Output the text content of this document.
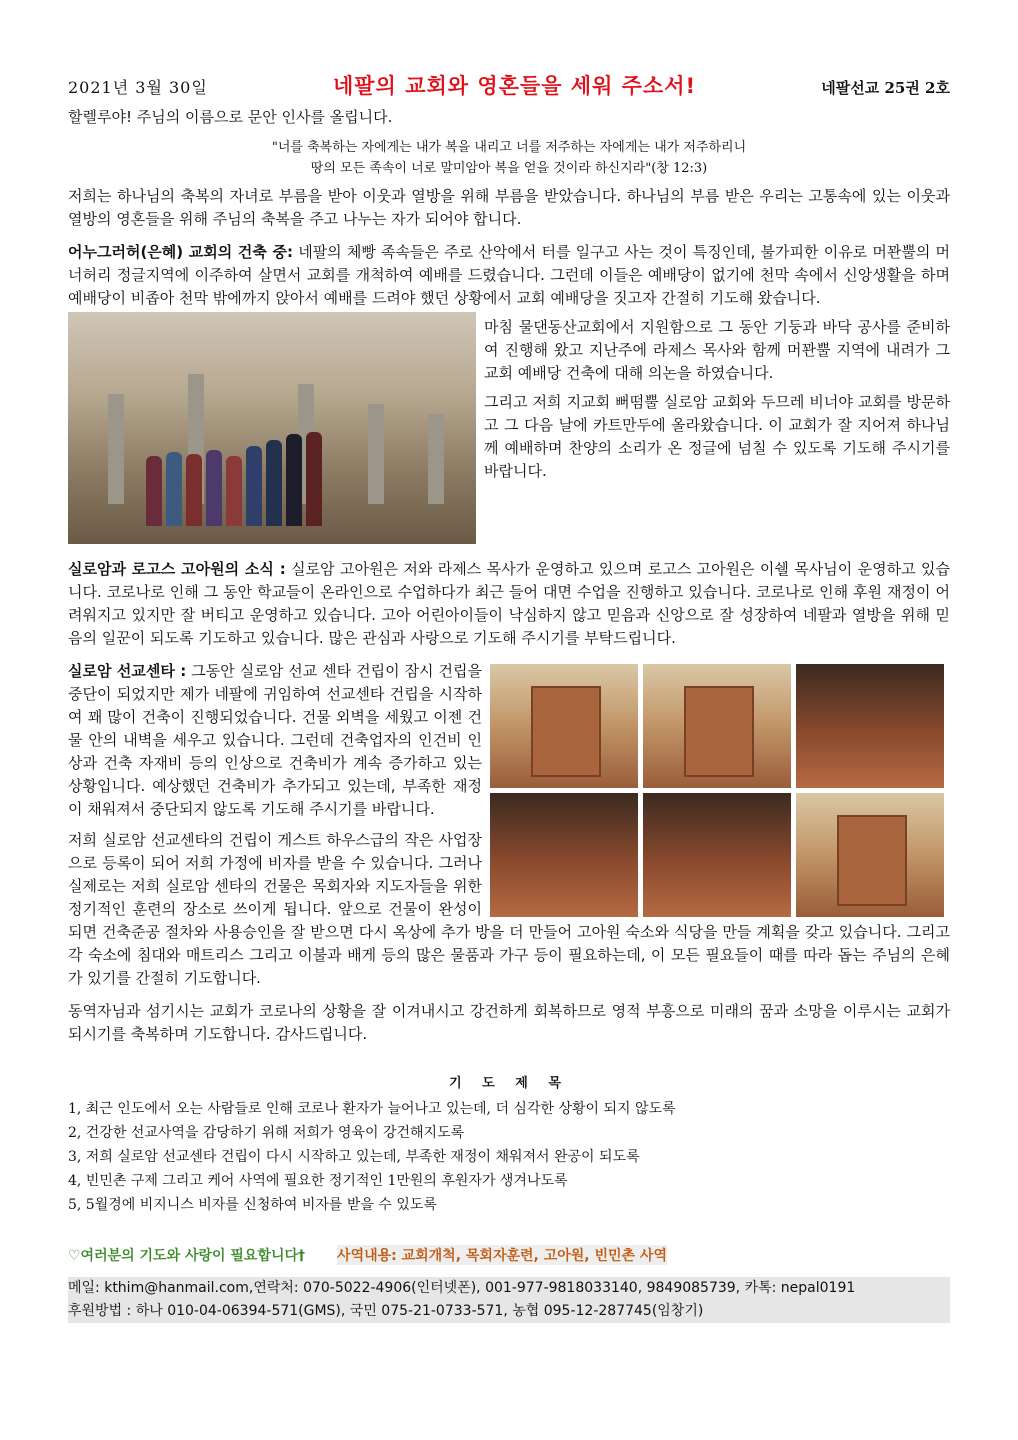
2021년 3월 30일	네팔의 교회와 영혼들을 세워 주소서!	네팔선교 25권 2호
할렐루야! 주님의 이름으로 문안 인사를 올립니다.
"너를 축복하는 자에게는 내가 복을 내리고 너를 저주하는 자에게는 내가 저주하리니
땅의 모든 족속이 너로 말미암아 복을 얻을 것이라 하신지라"(창 12:3)

저희는 하나님의 축복의 자녀로 부름을 받아 이웃과 열방을 위해 부름을 받았습니다. 하나님의 부름 받은 우리는 고통속에 있는 이웃과 열방의 영혼들을 위해 주님의 축복을 주고 나누는 자가 되어야 합니다.

어누그러허(은혜) 교회의 건축 중: 네팔의 체빵 족속들은 주로 산악에서 터를 일구고 사는 것이 특징인데, 불가피한 이유로 머꽌뿔의 머너허리 정글지역에 이주하여 살면서 교회를 개척하여 예배를 드렸습니다. 그런데 이들은 예배당이 없기에 천막 속에서 신앙생활을 하며 예배당이 비좁아 천막 밖에까지 앉아서 예배를 드려야 했던 상황에서 교회 예배당을 짓고자 간절히 기도해 왔습니다.

마침 물댄동산교회에서 지원함으로 그 동안 기둥과 바닥 공사를 준비하여 진행해 왔고 지난주에 라제스 목사와 함께 머꽌뿔 지역에 내려가 그 교회 예배당 건축에 대해 의논을 하였습니다.

그리고 저희 지교회 뻐떰뿔 실로암 교회와 두므레 비너야 교회를 방문하고 그 다음 날에 카트만두에 올라왔습니다. 이 교회가 잘 지어져 하나님께 예배하며 찬양의 소리가 온 정글에 넘칠 수 있도록 기도해 주시기를 바랍니다.

실로암과 로고스 고아원의 소식 : 실로암 고아원은 저와 라제스 목사가 운영하고 있으며 로고스 고아원은 이쉘 목사님이 운영하고 있습니다. 코로나로 인해 그 동안 학교들이 온라인으로 수업하다가 최근 들어 대면 수업을 진행하고 있습니다. 코로나로 인해 후원 재정이 어려워지고 있지만 잘 버티고 운영하고 있습니다. 고아 어린아이들이 낙심하지 않고 믿음과 신앙으로 잘 성장하여 네팔과 열방을 위해 믿음의 일꾼이 되도록 기도하고 있습니다. 많은 관심과 사랑으로 기도해 주시기를 부탁드립니다.

실로암 선교센타 : 그동안 실로암 선교 센타 건립이 잠시 건립을 중단이 되었지만 제가 네팔에 귀임하여 선교센타 건립을 시작하여 꽤 많이 건축이 진행되었습니다. 건물 외벽을 세웠고 이젠 건물 안의 내벽을 세우고 있습니다. 그런데 건축업자의 인건비 인상과 건축 자재비 등의 인상으로 건축비가 계속 증가하고 있는 상황입니다. 예상했던 건축비가 추가되고 있는데, 부족한 재정이 채워져서 중단되지 않도록 기도해 주시기를 바랍니다.

저희 실로암 선교센타의 건립이 게스트 하우스급의 작은 사업장으로 등록이 되어 저희 가정에 비자를 받을 수 있습니다. 그러나 실제로는 저희 실로암 센타의 건물은 목회자와 지도자들을 위한 정기적인 훈련의 장소로 쓰이게 됩니다. 앞으로 건물이 완성이 되면 건축준공 절차와 사용승인을 잘 받으면 다시 옥상에 추가 방을 더 만들어 고아원 숙소와 식당을 만들 계획을 갖고 있습니다. 그리고 각 숙소에 침대와 매트리스 그리고 이불과 배게 등의 많은 물품과 가구 등이 필요하는데, 이 모든 필요들이 때를 따라 돕는 주님의 은혜가 있기를 간절히 기도합니다.

동역자님과 섬기시는 교회가 코로나의 상황을 잘 이겨내시고 강건하게 회복하므로 영적 부흥으로 미래의 꿈과 소망을 이루시는 교회가 되시기를 축복하며 기도합니다. 감사드립니다.

기 도 제 목
1, 최근 인도에서 오는 사람들로 인해 코로나 환자가 늘어나고 있는데, 더 심각한 상황이 되지 않도록
2, 건강한 선교사역을 감당하기 위해 저희가 영육이 강건해지도록
3, 저희 실로암 선교센타 건립이 다시 시작하고 있는데, 부족한 재정이 채워져서 완공이 되도록
4, 빈민촌 구제 그리고 케어 사역에 필요한 정기적인 1만원의 후원자가 생겨나도록
5, 5월경에 비지니스 비자를 신청하여 비자를 받을 수 있도록
♡여러분의 기도와 사랑이 필요합니다† 사역내용: 교회개척, 목회자훈련, 고아원, 빈민촌 사역
메일: kthim@hanmail.com,연락처: 070-5022-4906(인터넷폰), 001-977-9818033140, 9849085739, 카톡: nepal0191
후원방법 : 하나 010-04-06394-571(GMS), 국민 075-21-0733-571, 농협 095-12-287745(임창기)
